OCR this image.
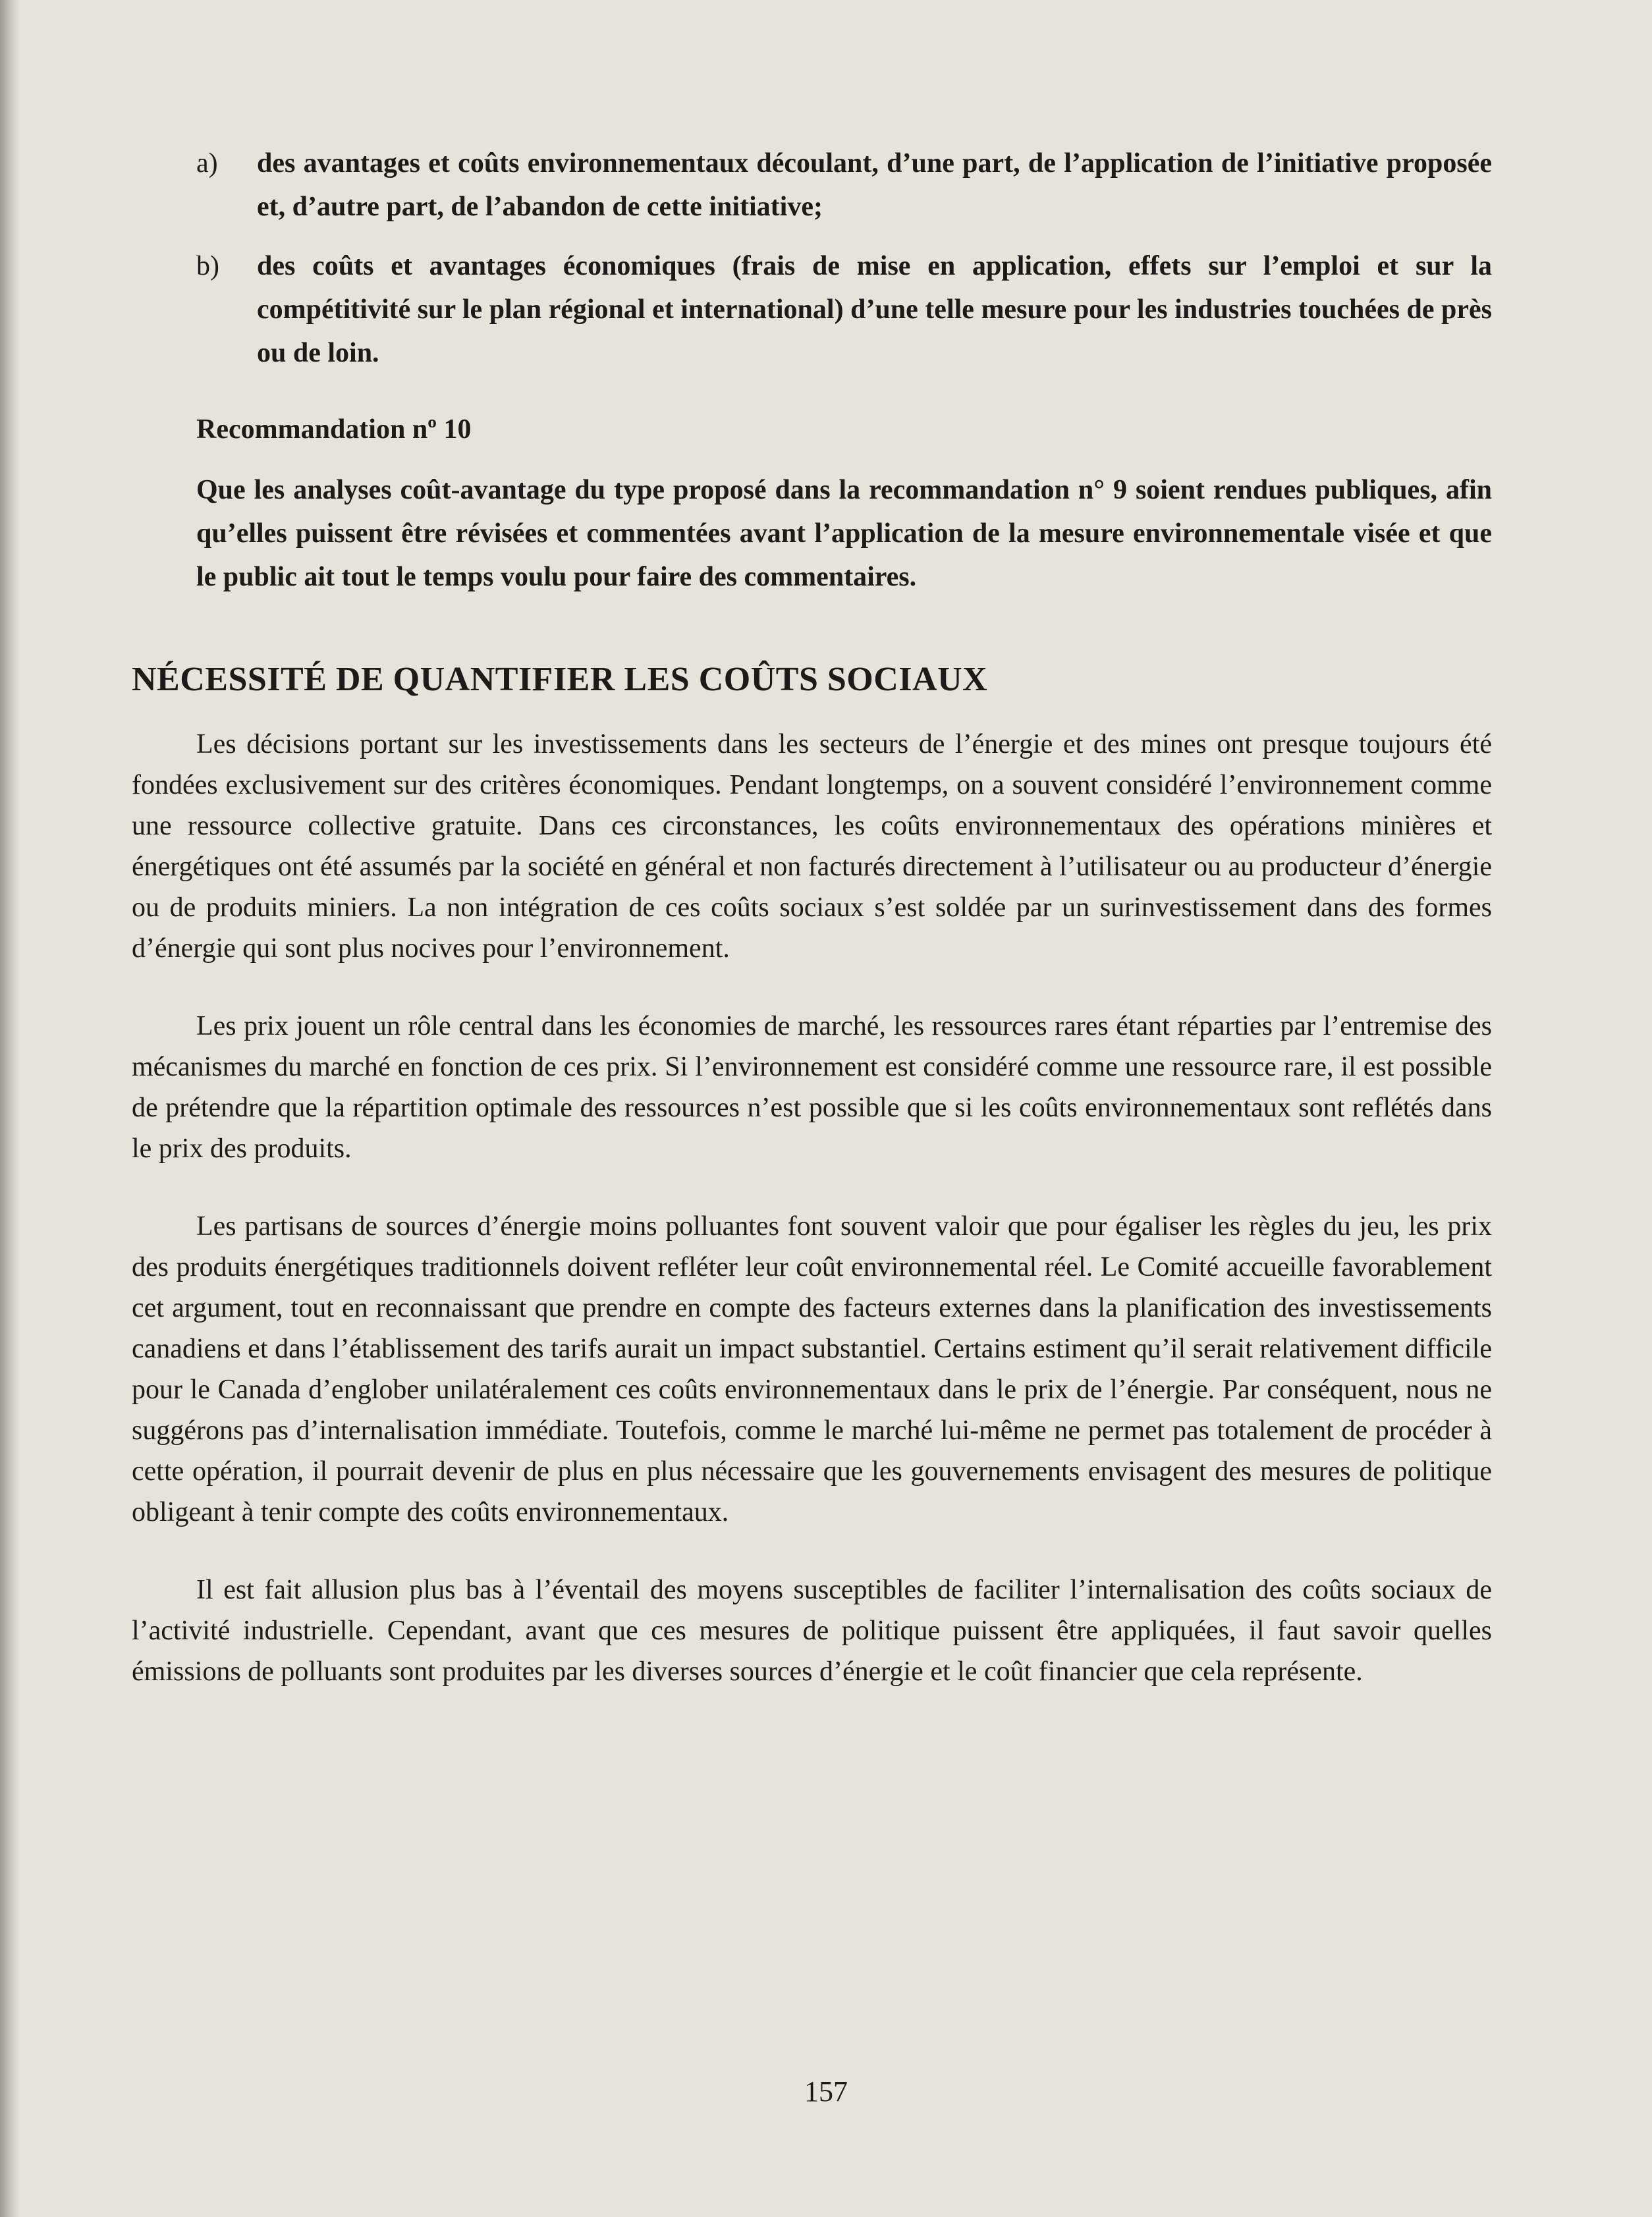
a) des avantages et coûts environnementaux découlant, d’une part, de l’application de l’initiative proposée et, d’autre part, de l’abandon de cette initiative;
b) des coûts et avantages économiques (frais de mise en application, effets sur l’emploi et sur la compétitivité sur le plan régional et international) d’une telle mesure pour les industries touchées de près ou de loin.
Recommandation nº 10
Que les analyses coût-avantage du type proposé dans la recommandation n° 9 soient rendues publiques, afin qu’elles puissent être révisées et commentées avant l’application de la mesure environnementale visée et que le public ait tout le temps voulu pour faire des commentaires.
NÉCESSITÉ DE QUANTIFIER LES COÛTS SOCIAUX

Les décisions portant sur les investissements dans les secteurs de l’énergie et des mines ont presque toujours été fondées exclusivement sur des critères économiques. Pendant longtemps, on a souvent considéré l’environnement comme une ressource collective gratuite. Dans ces circonstances, les coûts environnementaux des opérations minières et énergétiques ont été assumés par la société en général et non facturés directement à l’utilisateur ou au producteur d’énergie ou de produits miniers. La non intégration de ces coûts sociaux s’est soldée par un surinvestissement dans des formes d’énergie qui sont plus nocives pour l’environnement.

Les prix jouent un rôle central dans les économies de marché, les ressources rares étant réparties par l’entremise des mécanismes du marché en fonction de ces prix. Si l’environnement est considéré comme une ressource rare, il est possible de prétendre que la répartition optimale des ressources n’est possible que si les coûts environnementaux sont reflétés dans le prix des produits.

Les partisans de sources d’énergie moins polluantes font souvent valoir que pour égaliser les règles du jeu, les prix des produits énergétiques traditionnels doivent refléter leur coût environnemental réel. Le Comité accueille favorablement cet argument, tout en reconnaissant que prendre en compte des facteurs externes dans la planification des investissements canadiens et dans l’établissement des tarifs aurait un impact substantiel. Certains estiment qu’il serait relativement difficile pour le Canada d’englober unilatéralement ces coûts environnementaux dans le prix de l’énergie. Par conséquent, nous ne suggérons pas d’internalisation immédiate. Toutefois, comme le marché lui-même ne permet pas totalement de procéder à cette opération, il pourrait devenir de plus en plus nécessaire que les gouvernements envisagent des mesures de politique obligeant à tenir compte des coûts environnementaux.

Il est fait allusion plus bas à l’éventail des moyens susceptibles de faciliter l’internalisation des coûts sociaux de l’activité industrielle. Cependant, avant que ces mesures de politique puissent être appliquées, il faut savoir quelles émissions de polluants sont produites par les diverses sources d’énergie et le coût financier que cela représente.

157
